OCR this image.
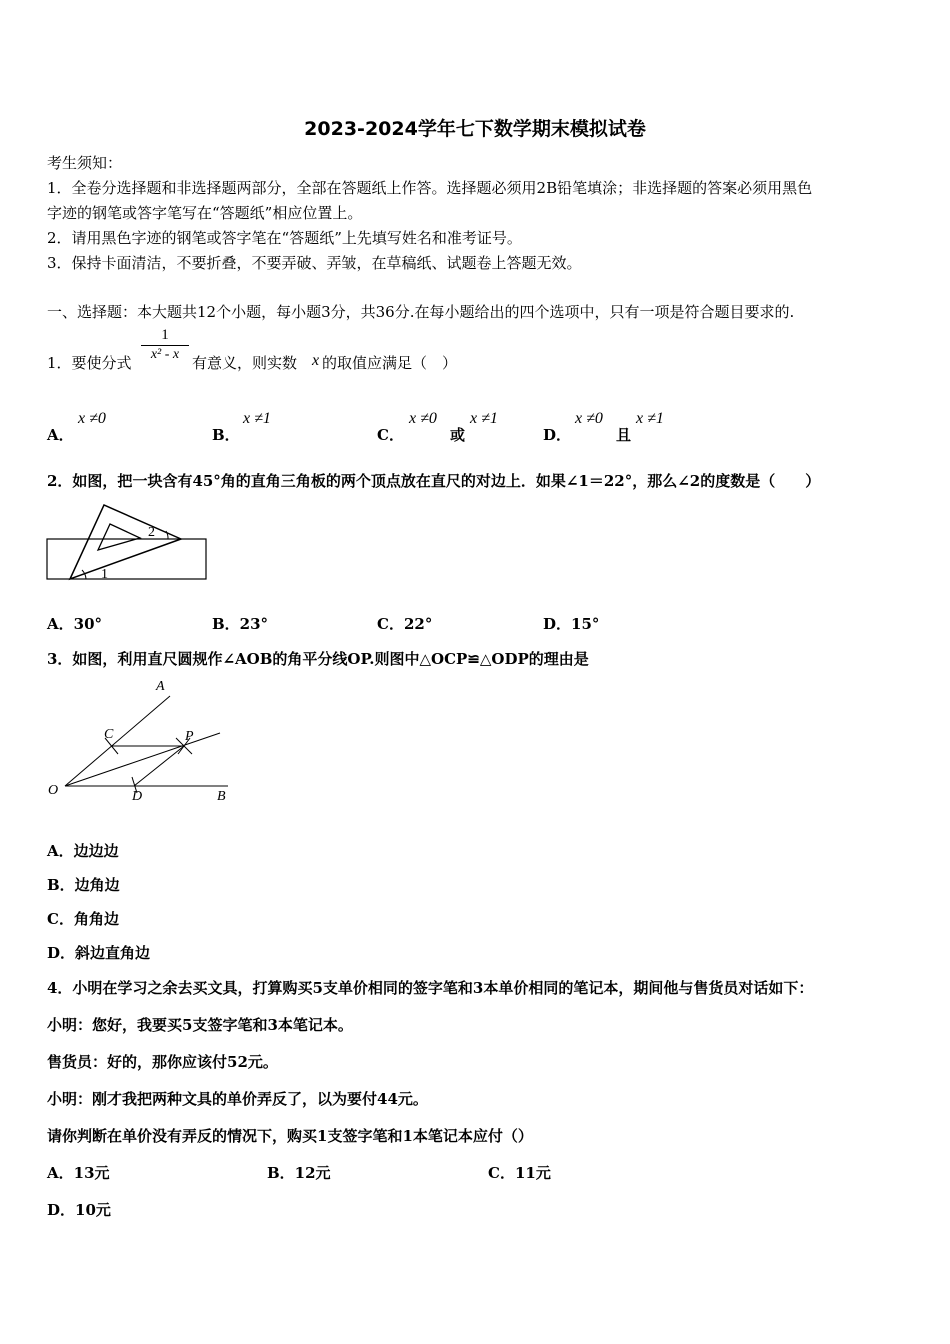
2023-2024学年七下数学期末模拟试卷
考生须知：
1．全卷分选择题和非选择题两部分，全部在答题纸上作答。选择题必须用2B铅笔填涂；非选择题的答案必须用黑色
字迹的钢笔或答字笔写在“答题纸”相应位置上。
2．请用黑色字迹的钢笔或答字笔在“答题纸”上先填写姓名和准考证号。
3．保持卡面清洁，不要折叠，不要弄破、弄皱，在草稿纸、试题卷上答题无效。
一、选择题：本大题共12个小题，每小题3分，共36分.在每小题给出的四个选项中，只有一项是符合题目要求的.
1．要使分式
1
x² - x 有意义，则实数 x 的取值应满足（　）
A．
x ≠0
B．
x ≠1
C．
x ≠0
或
x ≠1
D．
x ≠0
且
x ≠1
2．如图，把一块含有45°角的直角三角板的两个顶点放在直尺的对边上．如果∠1＝22°，那么∠2的度数是（　　）
1
2
A．30°	B．23°	C．22°	D．15°
3．如图，利用直尺圆规作∠AOB的角平分线OP.则图中△OCP≌△ODP的理由是
A
B
C
D
O
P
A．边边边
B．边角边
C．角角边
D．斜边直角边
4．小明在学习之余去买文具，打算购买5支单价相同的签字笔和3本单价相同的笔记本，期间他与售货员对话如下：
小明：您好，我要买5支签字笔和3本笔记本。
售货员：好的，那你应该付52元。
小明：刚才我把两种文具的单价弄反了，以为要付44元。
请你判断在单价没有弄反的情况下，购买1支签字笔和1本笔记本应付（）
A．13元	B．12元	C．11元
D．10元
